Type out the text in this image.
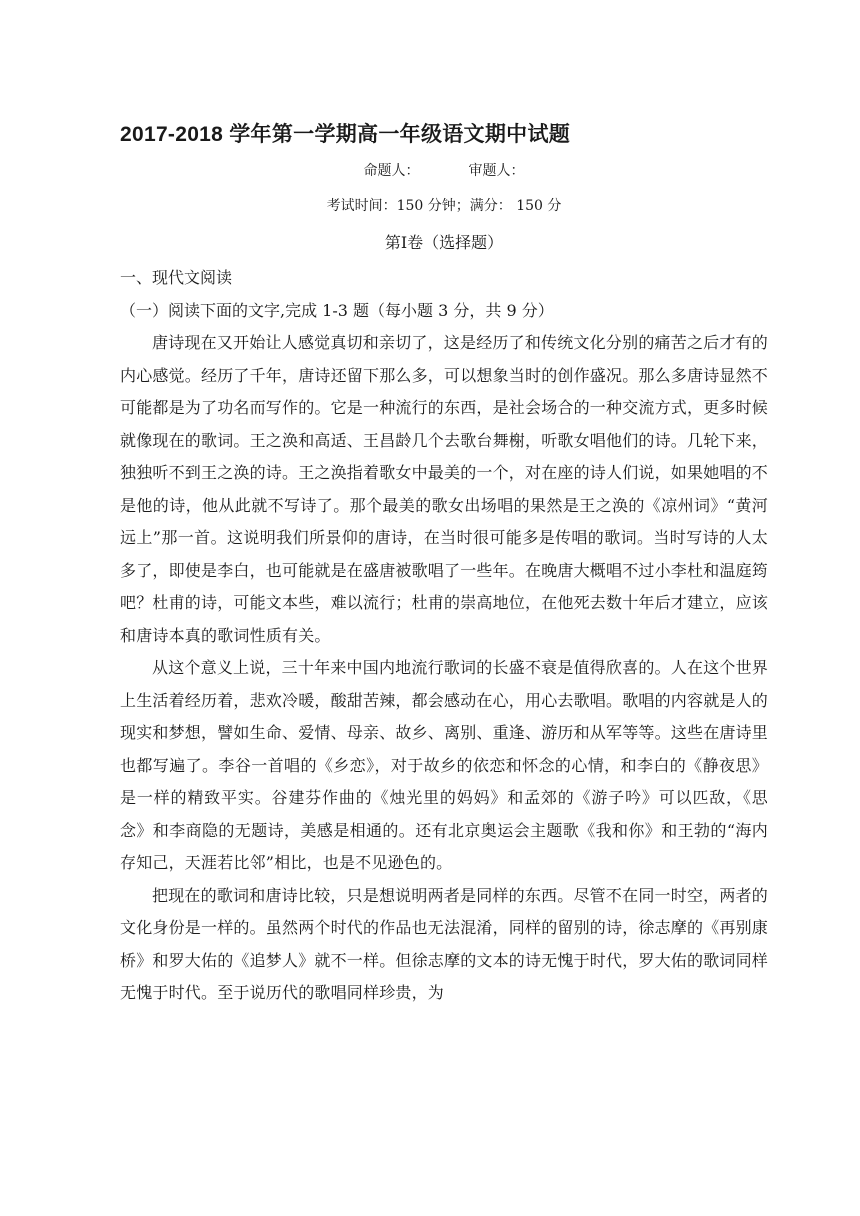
2017-2018 学年第一学期高一年级语文期中试题
命题人：	审题人：
考试时间：150 分钟；满分： 150 分
第Ⅰ卷（选择题）
一、现代文阅读
（一）阅读下面的文字,完成 1-3 题（每小题 3 分，共 9 分）

唐诗现在又开始让人感觉真切和亲切了，这是经历了和传统文化分别的痛苦之后才有的内心感觉。经历了千年，唐诗还留下那么多，可以想象当时的创作盛况。那么多唐诗显然不可能都是为了功名而写作的。它是一种流行的东西，是社会场合的一种交流方式，更多时候就像现在的歌词。王之涣和高适、王昌龄几个去歌台舞榭，听歌女唱他们的诗。几轮下来，独独听不到王之涣的诗。王之涣指着歌女中最美的一个，对在座的诗人们说，如果她唱的不是他的诗，他从此就不写诗了。那个最美的歌女出场唱的果然是王之涣的《凉州词》“黄河远上”那一首。这说明我们所景仰的唐诗，在当时很可能多是传唱的歌词。当时写诗的人太多了，即使是李白，也可能就是在盛唐被歌唱了一些年。在晚唐大概唱不过小李杜和温庭筠吧？杜甫的诗，可能文本些，难以流行；杜甫的崇高地位，在他死去数十年后才建立，应该和唐诗本真的歌词性质有关。

从这个意义上说，三十年来中国内地流行歌词的长盛不衰是值得欣喜的。人在这个世界上生活着经历着，悲欢冷暖，酸甜苦辣，都会感动在心，用心去歌唱。歌唱的内容就是人的现实和梦想，譬如生命、爱情、母亲、故乡、离别、重逢、游历和从军等等。这些在唐诗里也都写遍了。李谷一首唱的《乡恋》，对于故乡的依恋和怀念的心情，和李白的《静夜思》是一样的精致平实。谷建芬作曲的《烛光里的妈妈》和孟郊的《游子吟》可以匹敌，《思念》和李商隐的无题诗，美感是相通的。还有北京奥运会主题歌《我和你》和王勃的“海内存知己，天涯若比邻”相比，也是不见逊色的。

把现在的歌词和唐诗比较，只是想说明两者是同样的东西。尽管不在同一时空，两者的文化身份是一样的。虽然两个时代的作品也无法混淆，同样的留别的诗，徐志摩的《再别康桥》和罗大佑的《追梦人》就不一样。但徐志摩的文本的诗无愧于时代，罗大佑的歌词同样无愧于时代。至于说历代的歌唱同样珍贵，为
